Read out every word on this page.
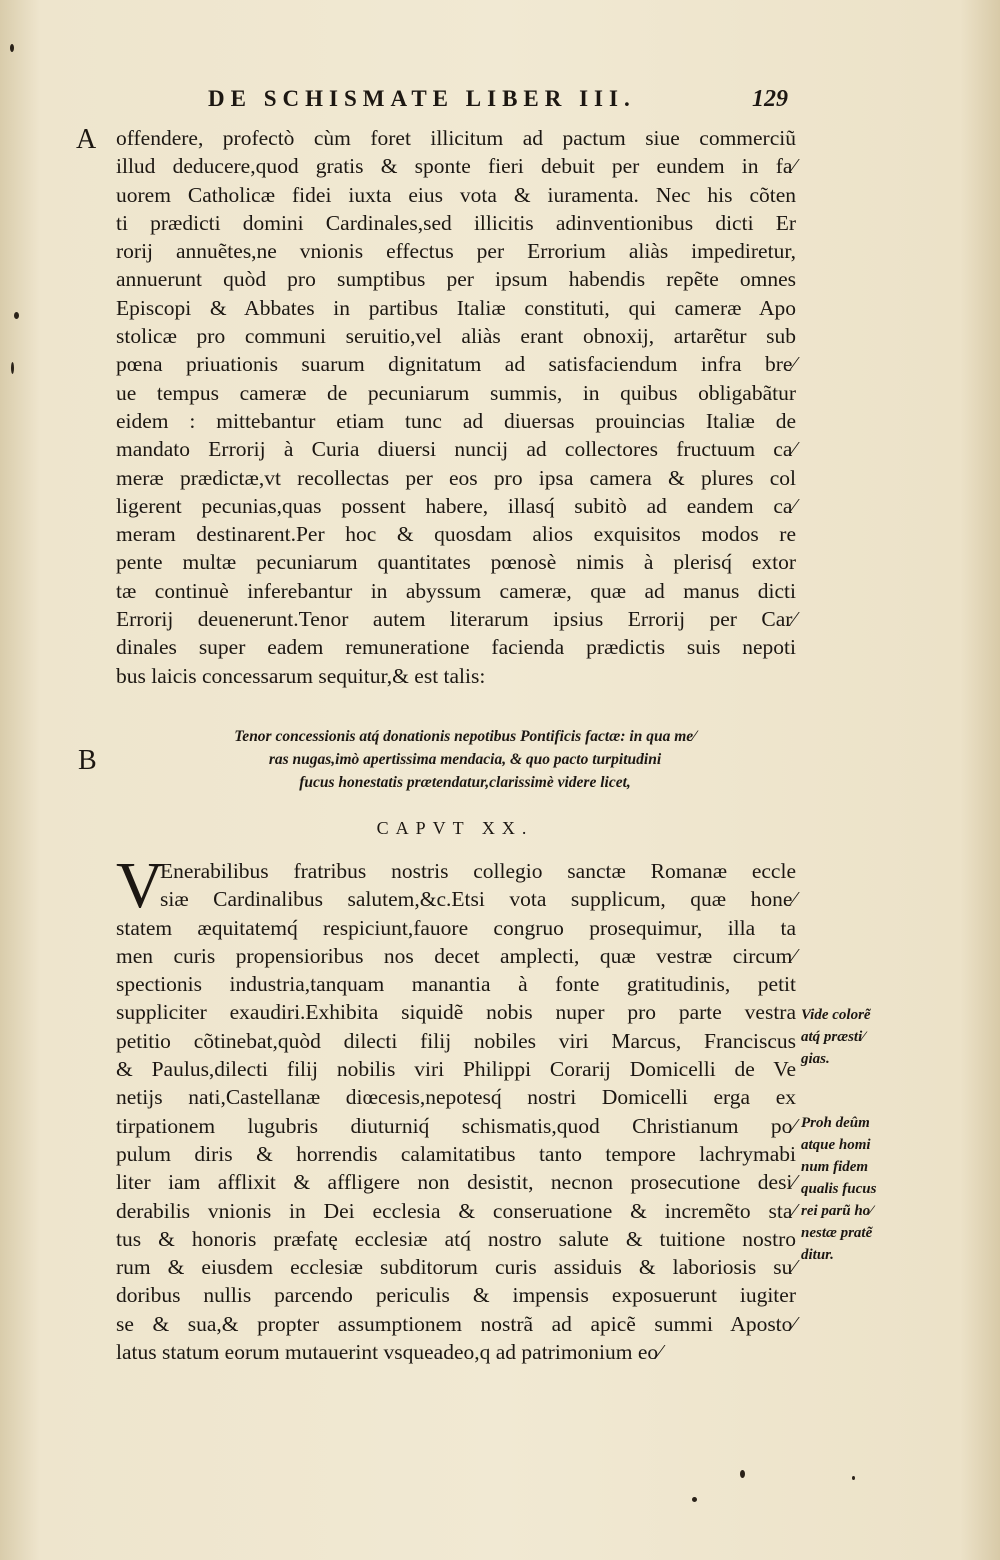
DE SCHISMATE LIBER III.	129
A offendere, profectò cùm foret illicitum ad pactum siue commerciũ
illud deducere,quod gratis & sponte fieri debuit per eundem in fa⁄
uorem Catholicæ fidei iuxta eius vota & iuramenta. Nec his cõten
ti prædicti domini Cardinales,sed illicitis adinventionibus dicti Er
rorij annuẽtes,ne vnionis effectus per Errorium aliàs impediretur,
annuerunt quòd pro sumptibus per ipsum habendis repẽte omnes
Episcopi & Abbates in partibus Italiæ constituti, qui cameræ Apo
stolicæ pro communi seruitio,vel aliàs erant obnoxij, artarẽtur sub
pœna priuationis suarum dignitatum ad satisfaciendum infra bre⁄
ue tempus cameræ de pecuniarum summis, in quibus obligabãtur
eidem : mittebantur etiam tunc ad diuersas prouincias Italiæ de
mandato Errorij à Curia diuersi nuncij ad collectores fructuum ca⁄
meræ prædictæ,vt recollectas per eos pro ipsa camera & plures col
ligerent pecunias,quas possent habere, illasq́ subitò ad eandem ca⁄
meram destinarent.Per hoc & quosdam alios exquisitos modos re
pente multæ pecuniarum quantitates pœnosè nimis à plerisq́ extor
tæ continuè inferebantur in abyssum cameræ, quæ ad manus dicti
Errorij deuenerunt.Tenor autem literarum ipsius Errorij per Car⁄
dinales super eadem remuneratione facienda prædictis suis nepoti
bus laicis concessarum sequitur,& est talis:
B
Tenor concessionis atq́ donationis nepotibus Pontificis factæ: in qua me⁄
ras nugas,imò apertissima mendacia, & quo pacto turpitudini
fucus honestatis prætendatur,clarissimè videre licet,
CAPVT XX.
V
Enerabilibus fratribus nostris collegio sanctæ Romanæ eccle
siæ Cardinalibus salutem,&c.Etsi vota supplicum, quæ hone⁄
statem æquitatemq́ respiciunt,fauore congruo prosequimur, illa ta
men curis propensioribus nos decet amplecti, quæ vestræ circum⁄
spectionis industria,tanquam manantia à fonte gratitudinis, petit
suppliciter exaudiri.Exhibita siquidẽ nobis nuper pro parte vestra
petitio cõtinebat,quòd dilecti filij nobiles viri Marcus, Franciscus
& Paulus,dilecti filij nobilis viri Philippi Corarij Domicelli de Ve
netijs nati,Castellanæ diœcesis,nepotesq́ nostri Domicelli erga ex
tirpationem lugubris diuturniq́ schismatis,quod Christianum po⁄
pulum diris & horrendis calamitatibus tanto tempore lachrymabi
liter iam afflixit & affligere non desistit, necnon prosecutione desi⁄
derabilis vnionis in Dei ecclesia & conseruatione & incremẽto sta⁄
tus & honoris præfatę ecclesiæ atq́ nostro salute & tuitione nostro
rum & eiusdem ecclesiæ subditorum curis assiduis & laboriosis su⁄
doribus nullis parcendo periculis & impensis exposuerunt iugiter
se & sua,& propter assumptionem nostrã ad apicẽ summi Aposto⁄
latus statum eorum mutauerint vsqueadeo,q ad patrimonium eo⁄
Vide colorẽ
atq́ præsti⁄
gias.
Proh deûm
atque homi
num fidem
qualis fucus
rei parũ ho⁄
nestæ pratẽ
ditur.
